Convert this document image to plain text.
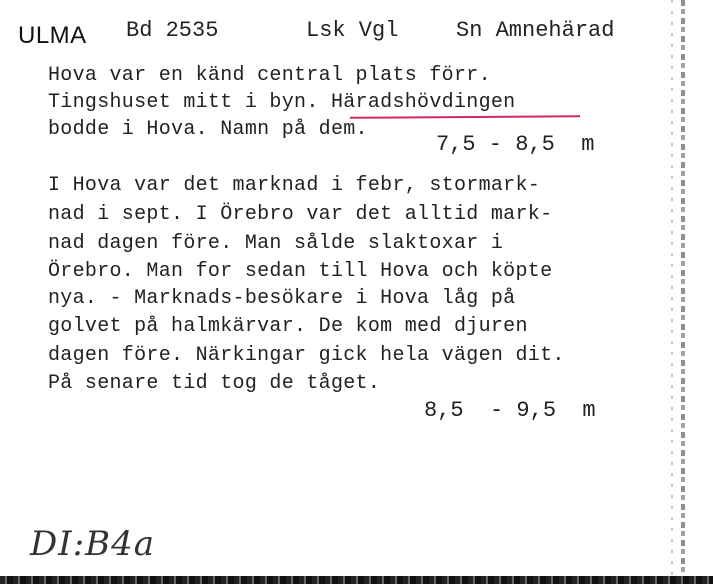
ULMA Bd 2535	Lsk Vgl	Sn Amnehärad
Hova var en känd central plats förr.
Tingshuset mitt i byn. Häradshövdingen
bodde i Hova. Namn på dem.
7,5 - 8,5  m
I Hova var det marknad i febr, stormark-
nad i sept. I Örebro var det alltid mark-
nad dagen före. Man sålde slaktoxar i
Örebro. Man for sedan till Hova och köpte
nya. - Marknads-besökare i Hova låg på
golvet på halmkärvar. De kom med djuren
dagen före. Närkingar gick hela vägen dit.
På senare tid tog de tåget.
8,5  - 9,5  m
DI:B4a
